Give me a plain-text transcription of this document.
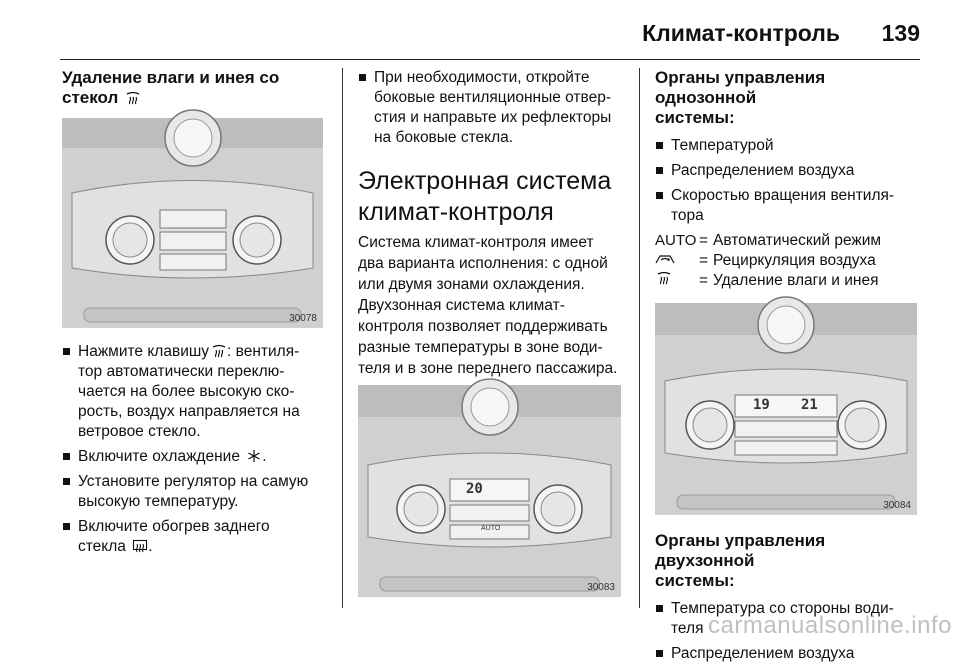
Климат-контроль 139
Удаление влаги и инея со
стекол
30078
Нажмите клавишу : вентиля-
тор автоматически переклю-
чается на более высокую ско-
рость, воздух направляется на
ветровое стекло.
Включите охлаждение .
Установите регулятор на самую
высокую температуру.
Включите обогрев заднего
стекла .
При необходимости, откройте
боковые вентиляционные отвер-
стия и направьте их рефлекторы
на боковые стекла.
Электронная система
климат-контроля

Система климат-контроля имеет
два варианта исполнения: с одной
или двумя зонами охлаждения.
Двухзонная система климат-
контроля позволяет поддерживать
разные температуры в зоне води-
теля и в зоне переднего пассажира.

20
AUTO
30083
Органы управления однозонной
системы:
Температурой
Распределением воздуха
Скоростью вращения вентиля-
тора
AUTO = Автоматический режим
= Рециркуляция воздуха
= Удаление влаги и инея
19 21
30084
Органы управления двухзонной
системы:
Температура со стороны води-
теля
Распределением воздуха
carmanualsonline.info
